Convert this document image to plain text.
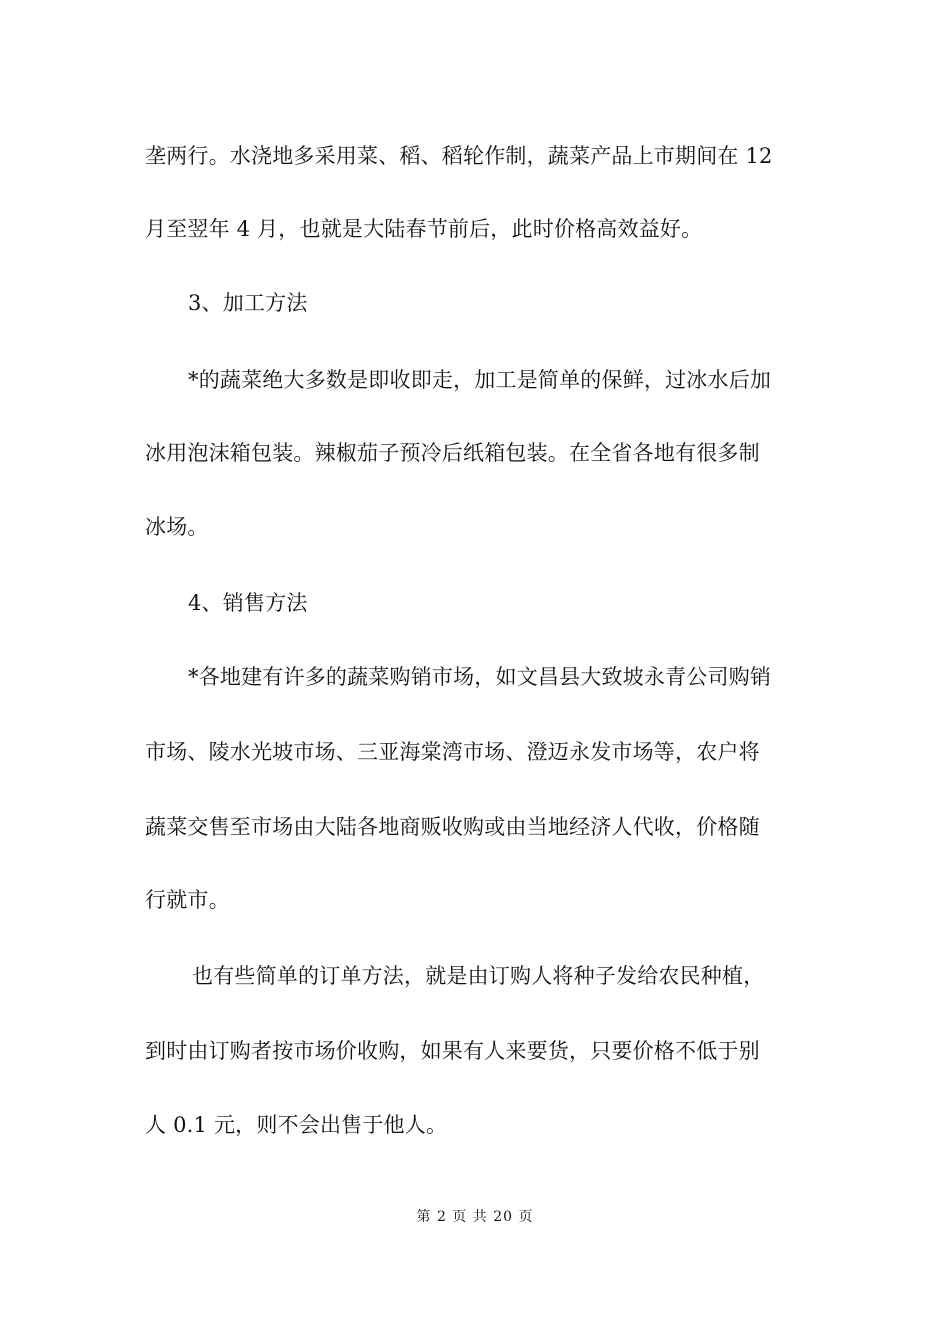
垄两行。水浇地多采用菜、稻、稻轮作制，蔬菜产品上市期间在 12
月至翌年 4 月，也就是大陆春节前后，此时价格高效益好。
3、加工方法
*的蔬菜绝大多数是即收即走，加工是简单的保鲜，过冰水后加
冰用泡沫箱包装。辣椒茄子预冷后纸箱包装。在全省各地有很多制
冰场。
4、销售方法
*各地建有许多的蔬菜购销市场，如文昌县大致坡永青公司购销
市场、陵水光坡市场、三亚海棠湾市场、澄迈永发市场等，农户将
蔬菜交售至市场由大陆各地商贩收购或由当地经济人代收，价格随
行就市。
也有些简单的订单方法，就是由订购人将种子发给农民种植，
到时由订购者按市场价收购，如果有人来要货，只要价格不低于别
人 0.1 元，则不会出售于他人。
第 2 页 共 20 页
